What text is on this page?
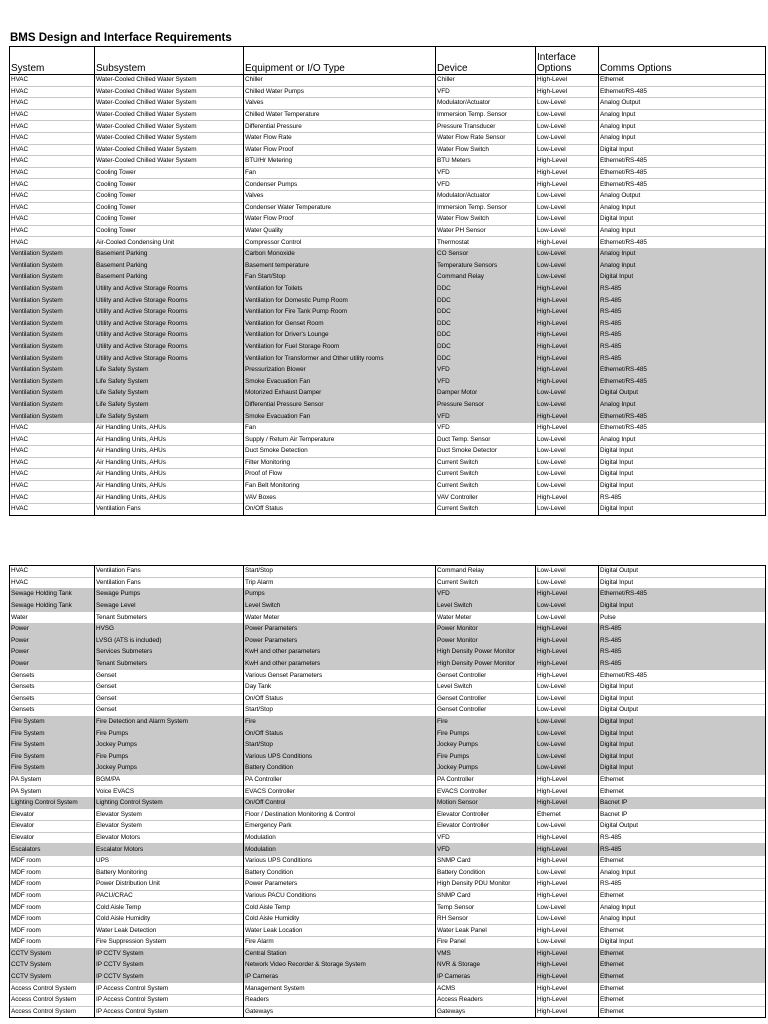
BMS Design and Interface Requirements
System	Subsystem	Equipment or I/O Type	Device	Interface Options	Comms Options
HVAC	Water-Cooled Chilled Water System	Chiller	Chiller	High-Level	Ethernet
HVAC	Water-Cooled Chilled Water System	Chilled Water Pumps	VFD	High-Level	Ethernet/RS-485
HVAC	Water-Cooled Chilled Water System	Valves	Modulator/Actuator	Low-Level	Analog Output
HVAC	Water-Cooled Chilled Water System	Chilled Water Temperature	Immersion Temp. Sensor	Low-Level	Analog Input
HVAC	Water-Cooled Chilled Water System	Differential Pressure	Pressure Transducer	Low-Level	Analog Input
HVAC	Water-Cooled Chilled Water System	Water Flow Rate	Water Flow Rate Sensor	Low-Level	Analog Input
HVAC	Water-Cooled Chilled Water System	Water Flow Proof	Water Flow Switch	Low-Level	Digital Input
HVAC	Water-Cooled Chilled Water System	BTU/Hr Metering	BTU Meters	High-Level	Ethernet/RS-485
HVAC	Cooling Tower	Fan	VFD	High-Level	Ethernet/RS-485
HVAC	Cooling Tower	Condenser Pumps	VFD	High-Level	Ethernet/RS-485
HVAC	Cooling Tower	Valves	Modulator/Actuator	Low-Level	Analog Output
HVAC	Cooling Tower	Condenser Water Temperature	Immersion Temp. Sensor	Low-Level	Analog Input
HVAC	Cooling Tower	Water Flow Proof	Water Flow Switch	Low-Level	Digital Input
HVAC	Cooling Tower	Water Quality	Water PH Sensor	Low-Level	Analog Input
HVAC	Air-Cooled Condensing Unit	Compressor Control	Thermostat	High-Level	Ethernet/RS-485
Ventilation System	Basement Parking	Carbon Monoxide	CO Sensor	Low-Level	Analog Input
Ventilation System	Basement Parking	Basement temperature	Temperature Sensors	Low-Level	Analog Input
Ventilation System	Basement Parking	Fan Start/Stop	Command Relay	Low-Level	Digital Input
Ventilation System	Utility and Active Storage Rooms	Ventilation for Toilets	DDC	High-Level	RS-485
Ventilation System	Utility and Active Storage Rooms	Ventilation for Domestic Pump Room	DDC	High-Level	RS-485
Ventilation System	Utility and Active Storage Rooms	Ventilation for Fire Tank Pump Room	DDC	High-Level	RS-485
Ventilation System	Utility and Active Storage Rooms	Ventilation for Genset Room	DDC	High-Level	RS-485
Ventilation System	Utility and Active Storage Rooms	Ventilation for Driver's Lounge	DDC	High-Level	RS-485
Ventilation System	Utility and Active Storage Rooms	Ventilation for Fuel Storage Room	DDC	High-Level	RS-485
Ventilation System	Utility and Active Storage Rooms	Ventilation for Transformer and Other utility rooms	DDC	High-Level	RS-485
Ventilation System	Life Safety System	Pressurization Blower	VFD	High-Level	Ethernet/RS-485
Ventilation System	Life Safety System	Smoke Evacuation Fan	VFD	High-Level	Ethernet/RS-485
Ventilation System	Life Safety System	Motorized Exhaust Damper	Damper Motor	Low-Level	Digital Output
Ventilation System	Life Safety System	Differential Pressure Sensor	Pressure Sensor	Low-Level	Analog Input
Ventilation System	Life Safety System	Smoke Evacuation Fan	VFD	High-Level	Ethernet/RS-485
HVAC	Air Handling Units, AHUs	Fan	VFD	High-Level	Ethernet/RS-485
HVAC	Air Handling Units, AHUs	Supply / Return Air Temperature	Duct Temp. Sensor	Low-Level	Analog Input
HVAC	Air Handling Units, AHUs	Duct Smoke Detection	Duct Smoke Detector	Low-Level	Digital Input
HVAC	Air Handling Units, AHUs	Filter Monitoring	Current Switch	Low-Level	Digital Input
HVAC	Air Handling Units, AHUs	Proof of Flow	Current Switch	Low-Level	Digital Input
HVAC	Air Handling Units, AHUs	Fan Belt Monitoring	Current Switch	Low-Level	Digital Input
HVAC	Air Handling Units, AHUs	VAV Boxes	VAV Controller	High-Level	RS-485
HVAC	Ventilation Fans	On/Off Status	Current Switch	Low-Level	Digital Input
HVAC	Ventilation Fans	Start/Stop	Command Relay	Low-Level	Digital Output
HVAC	Ventilation Fans	Trip Alarm	Current Switch	Low-Level	Digital Input
Sewage Holding Tank	Sewage Pumps	Pumps	VFD	High-Level	Ethernet/RS-485
Sewage Holding Tank	Sewage Level	Level Switch	Level Switch	Low-Level	Digital Input
Water	Tenant Submeters	Water Meter	Water Meter	Low-Level	Pulse
Power	HVSG	Power Parameters	Power Monitor	High-Level	RS-485
Power	LVSG (ATS is included)	Power Parameters	Power Monitor	High-Level	RS-485
Power	Services Submeters	KwH and other parameters	High Density Power Monitor	High-Level	RS-485
Power	Tenant Submeters	KwH and other parameters	High Density Power Monitor	High-Level	RS-485
Gensets	Genset	Various Genset Parameters	Genset Controller	High-Level	Ethernet/RS-485
Gensets	Genset	Day Tank	Level Switch	Low-Level	Digital Input
Gensets	Genset	On/Off Status	Genset Controller	Low-Level	Digital Input
Gensets	Genset	Start/Stop	Genset Controller	Low-Level	Digital Output
Fire System	Fire Detection and Alarm System	Fire	Fire	Low-Level	Digital Input
Fire System	Fire Pumps	On/Off Status	Fire Pumps	Low-Level	Digital Input
Fire System	Jockey Pumps	Start/Stop	Jockey Pumps	Low-Level	Digital Input
Fire System	Fire Pumps	Various UPS Conditions	Fire Pumps	Low-Level	Digital Input
Fire System	Jockey Pumps	Battery Condition	Jockey Pumps	Low-Level	Digital Input
PA System	BGM/PA	PA Controller	PA Controller	High-Level	Ethernet
PA System	Voice EVACS	EVACS Controller	EVACS Controller	High-Level	Ethernet
Lighting Control System	Lighting Control System	On/Off Control	Motion Sensor	High-Level	Bacnet IP
Elevator	Elevator System	Floor / Destination Monitoring & Control	Elevator Controller	Ethernet	Bacnet IP
Elevator	Elevator System	Emergency Park	Elevator Controller	Low-Level	Digital Output
Elevator	Elevator Motors	Modulation	VFD	High-Level	RS-485
Escalators	Escalator Motors	Modulation	VFD	High-Level	RS-485
MDF room	UPS	Various UPS Conditions	SNMP Card	High-Level	Ethernet
MDF room	Battery Monitoring	Battery Condition	Battery Condition	Low-Level	Analog Input
MDF room	Power Distribution Unit	Power Parameters	High Density PDU Monitor	High-Level	RS-485
MDF room	PACU/CRAC	Various PACU Conditions	SNMP Card	High-Level	Ethernet
MDF room	Cold Aisle Temp	Cold Aisle Temp	Temp Sensor	Low-Level	Analog Input
MDF room	Cold Aisle Humidity	Cold Aisle Humidity	RH Sensor	Low-Level	Analog Input
MDF room	Water Leak Detection	Water Leak Location	Water Leak Panel	High-Level	Ethernet
MDF room	Fire Suppression System	Fire Alarm	Fire Panel	Low-Level	Digital Input
CCTV System	IP CCTV System	Central Station	VMS	High-Level	Ethernet
CCTV System	IP CCTV System	Network Video Recorder & Storage System	NVR & Storage	High-Level	Ethernet
CCTV System	IP CCTV System	IP Cameras	IP Cameras	High-Level	Ethernet
Access Control System	IP Access Control System	Management System	ACMS	High-Level	Ethernet
Access Control System	IP Access Control System	Readers	Access Readers	High-Level	Ethernet
Access Control System	IP Access Control System	Gateways	Gateways	High-Level	Ethernet
